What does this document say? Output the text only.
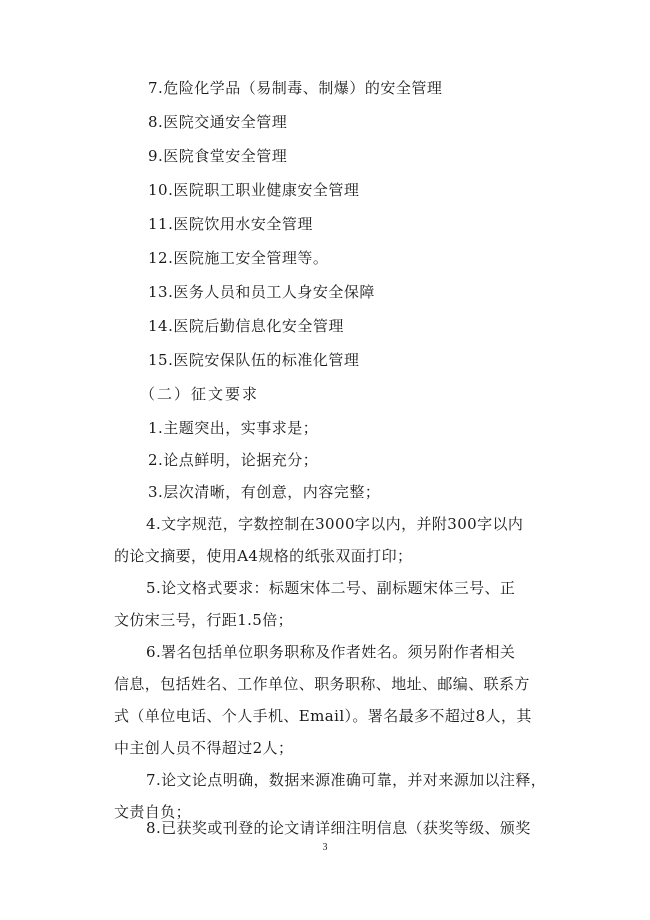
7.危险化学品（易制毒、制爆）的安全管理
8.医院交通安全管理
9.医院食堂安全管理
10.医院职工职业健康安全管理
11.医院饮用水安全管理
12.医院施工安全管理等。
13.医务人员和员工人身安全保障
14.医院后勤信息化安全管理
15.医院安保队伍的标准化管理
（二）征文要求
1.主题突出，实事求是；
2.论点鲜明，论据充分；
3.层次清晰，有创意，内容完整；
4.文字规范，字数控制在3000字以内，并附300字以内
的论文摘要，使用A4规格的纸张双面打印；
5.论文格式要求：标题宋体二号、副标题宋体三号、正
文仿宋三号，行距1.5倍；
6.署名包括单位职务职称及作者姓名。须另附作者相关
信息，包括姓名、工作单位、职务职称、地址、邮编、联系方
式（单位电话、个人手机、Email）。署名最多不超过8人，其
中主创人员不得超过2人；
7.论文论点明确，数据来源准确可靠，并对来源加以注释，
文责自负；
8.已获奖或刊登的论文请详细注明信息（获奖等级、颁奖
3
